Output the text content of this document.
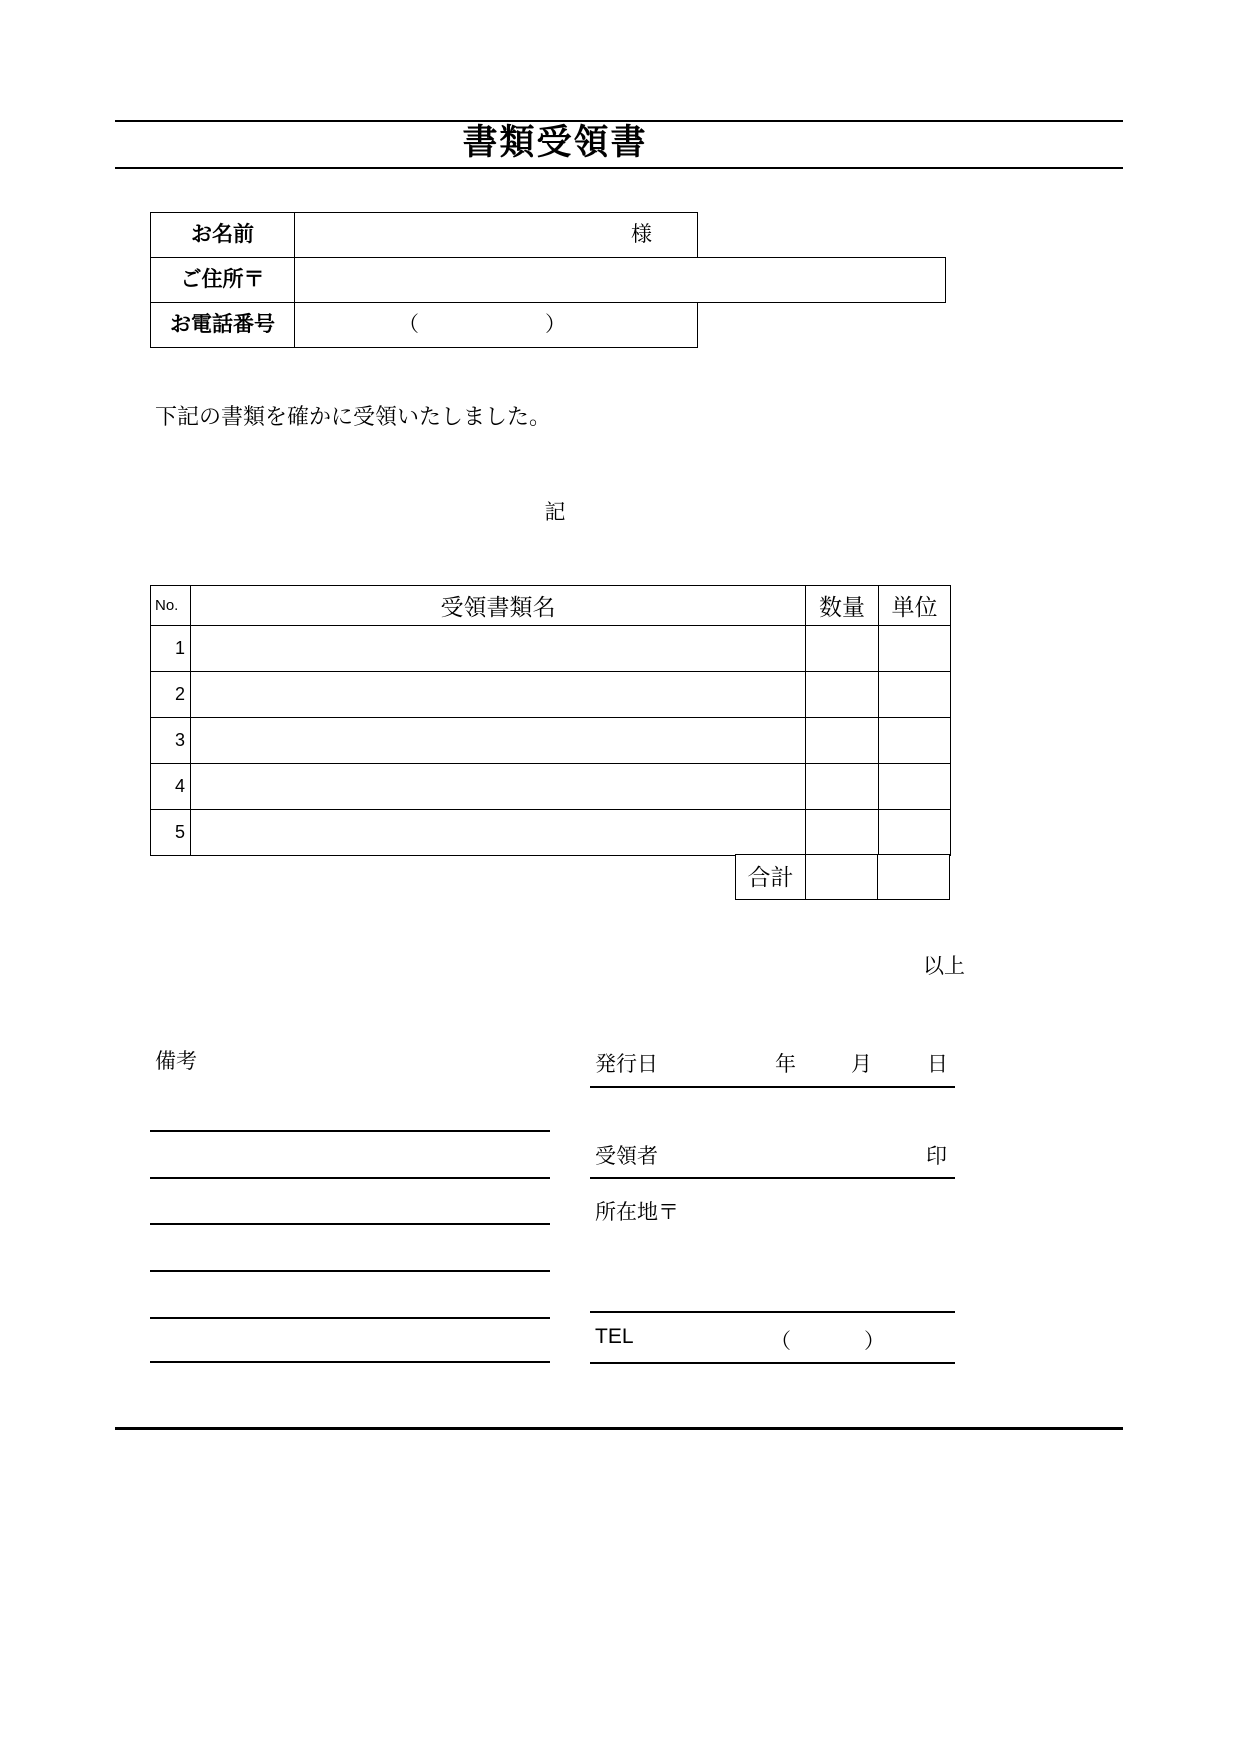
書類受領書
お名前	様
ご住所〒
お電話番号	（　　）

下記の書類を確かに受領いたしました。

記
No.	受領書類名	数量	単位
1			
2			
3			
4			
5			
合計
以上
備考	発行日	年	月	日
受領者	印
所在地〒
TEL	（　）
